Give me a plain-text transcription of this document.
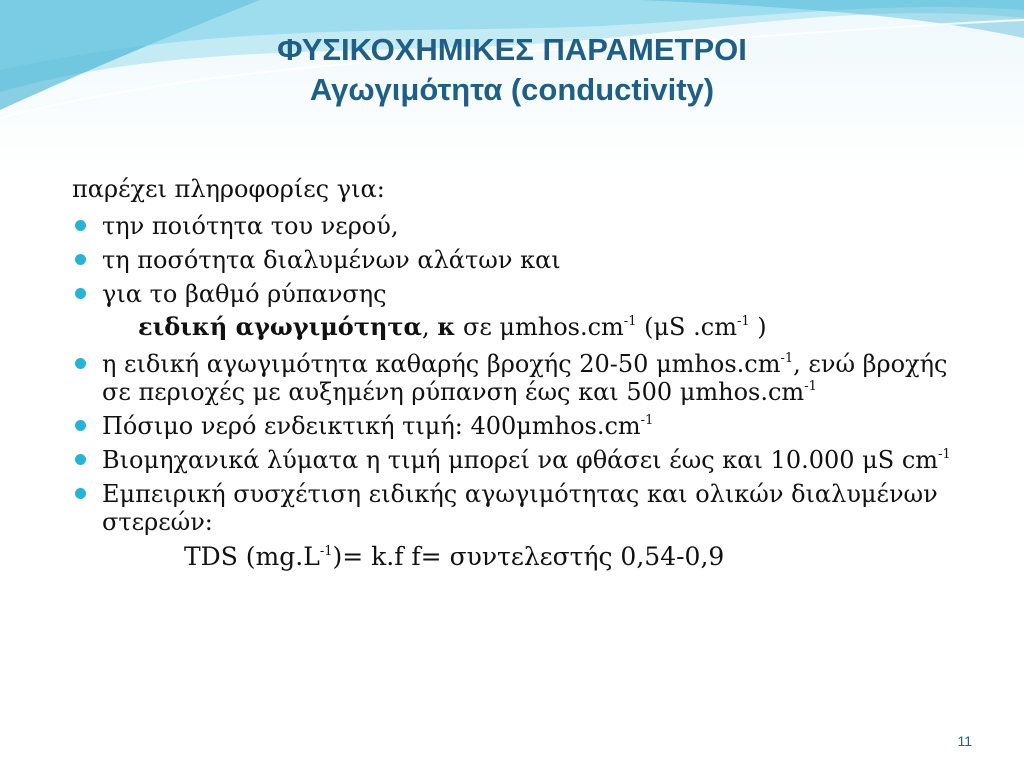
ΦΥΣΙΚΟΧΗΜΙΚΕΣ ΠΑΡΑΜΕΤΡΟΙ
Αγωγιμότητα (conductivity)
παρέχει πληροφορίες για:
την ποιότητα του νερού,
τη ποσότητα διαλυμένων αλάτων και
για το βαθμό ρύπανσης
ειδική αγωγιμότητα, κ σε $\mu mhos.cm^{-1}$ (μS $.cm^{-1}$ )
η ειδική αγωγιμότητα καθαρής βροχής 20-50 $\mu mhos.cm^{-1}$, ενώ βροχής σε περιοχές με αυξημένη ρύπανση έως και 500 $\mu mhos.cm^{-1}$
Πόσιμο νερό ενδεικτική τιμή: $400\mu mhos.cm^{-1}$
Βιομηχανικά λύματα η τιμή μπορεί να φθάσει έως και 10.000 μS $cm^{-1}$
Εμπειρική συσχέτιση ειδικής αγωγιμότητας και ολικών διαλυμένων στερεών:
TDS $(mg.L^{-1})= k.f$ f= συντελεστής 0,54-0,9
11
